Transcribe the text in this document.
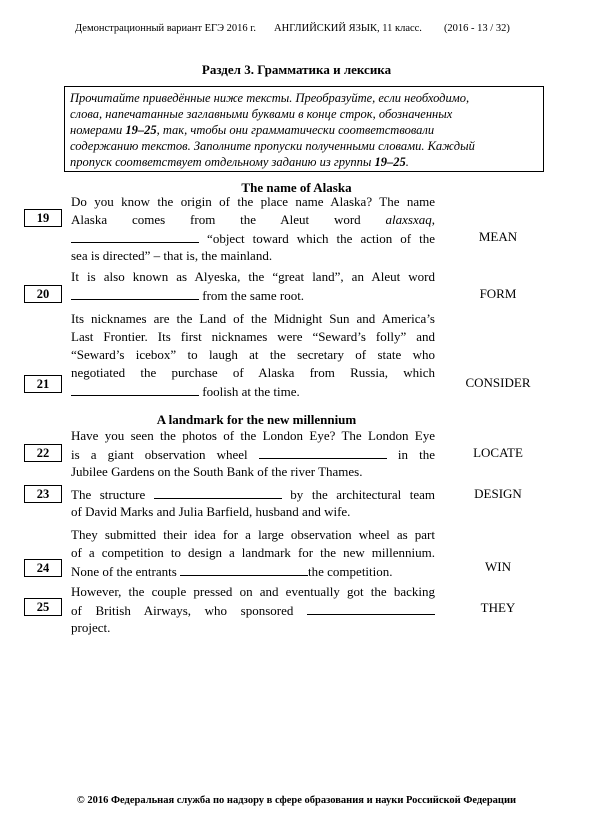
Демонстрационный вариант ЕГЭ 2016 г. АНГЛИЙСКИЙ ЯЗЫК, 11 класс. (2016 - 13 / 32)
Раздел 3. Грамматика и лексика
Прочитайте приведённые ниже тексты. Преобразуйте, если необходимо,
слова, напечатанные заглавными буквами в конце строк, обозначенных
номерами 19–25, так, чтобы они грамматически соответствовали
содержанию текстов. Заполните пропуски полученными словами. Каждый
пропуск соответствует отдельному заданию из группы 19–25.
The name of Alaska
19
Do you know the origin of the place name Alaska? The name
Alaska comes from the Aleut word alaxsxaq,
“object toward which the action of the
sea is directed” – that is, the mainland.
MEAN
20
It is also known as Alyeska, the “great land”, an Aleut word
from the same root.	FORM
21
Its nicknames are the Land of the Midnight Sun and America’s
Last Frontier. Its first nicknames were “Seward’s folly” and
“Seward’s icebox” to laugh at the secretary of state who
negotiated the purchase of Alaska from Russia, which
foolish at the time.
CONSIDER
A landmark for the new millennium
22
Have you seen the photos of the London Eye? The London Eye
is a giant observation wheel	in the
Jubilee Gardens on the South Bank of the river Thames.
LOCATE
23	The structure	by the architectural team
of David Marks and Julia Barfield, husband and wife.
DESIGN
24
They submitted their idea for a large observation wheel as part
of a competition to design a landmark for the new millennium.
None of the entrants	the competition.	WIN
25
However, the couple pressed on and eventually got the backing
of British Airways, who sponsored
project.
THEY
© 2016 Федеральная служба по надзору в сфере образования и науки Российской Федерации
